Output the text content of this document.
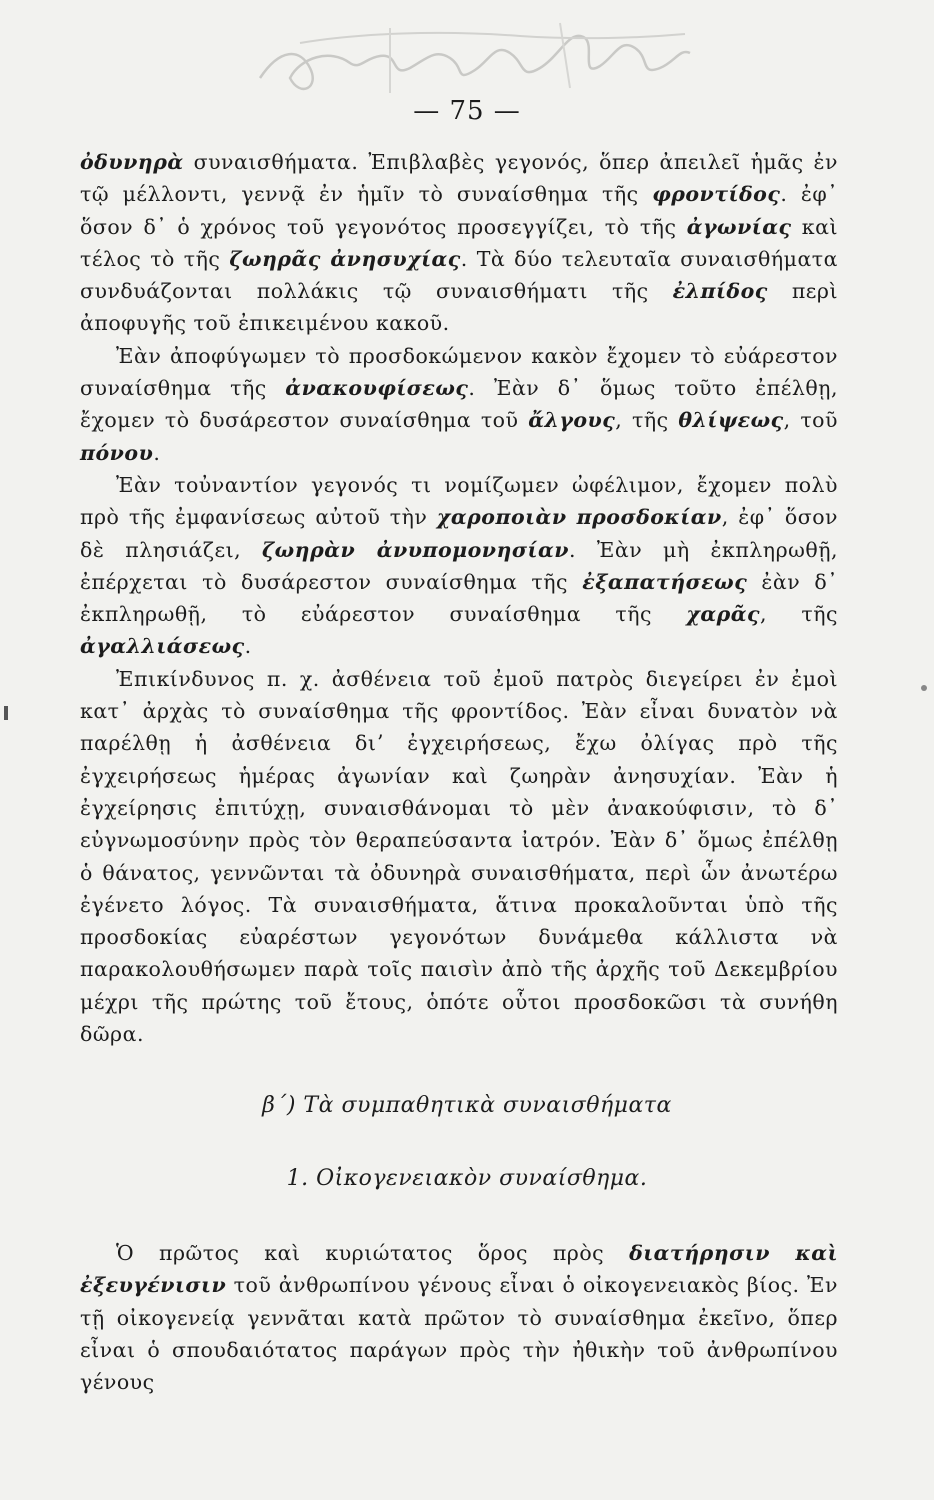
— 75 —

ὀδυνηρὰ συναισθήματα. Ἐπιβλαβὲς γεγονός, ὅπερ ἀπειλεῖ ἡμᾶς ἐν τῷ μέλλοντι, γεννᾷ ἐν ἡμῖν τὸ συναίσθημα τῆς φροντίδος. ἐφ᾽ ὅσον δ᾽ ὁ χρόνος τοῦ γεγονότος προσεγγίζει, τὸ τῆς ἀγωνίας καὶ τέλος τὸ τῆς ζωηρᾶς ἀνησυχίας. Τὰ δύο τελευταῖα συναισθήματα συνδυάζονται πολλάκις τῷ συναισθήματι τῆς ἐλπίδος περὶ ἀποφυγῆς τοῦ ἐπικειμένου κακοῦ.

Ἐὰν ἀποφύγωμεν τὸ προσδοκώμενον κακὸν ἔχομεν τὸ εὐάρεστον συναίσθημα τῆς ἀνακουφίσεως. Ἐὰν δ᾽ ὅμως τοῦτο ἐπέλθῃ, ἔχομεν τὸ δυσάρεστον συναίσθημα τοῦ ἄλγους, τῆς θλίψεως, τοῦ πόνου.

Ἐὰν τοὐναντίον γεγονός τι νομίζωμεν ὠφέλιμον, ἔχομεν πολὺ πρὸ τῆς ἐμφανίσεως αὐτοῦ τὴν χαροποιὰν προσδοκίαν, ἐφ᾽ ὅσον δὲ πλησιάζει, ζωηρὰν ἀνυπομονησίαν. Ἐὰν μὴ ἐκπληρωθῇ, ἐπέρχεται τὸ δυσάρεστον συναίσθημα τῆς ἐξαπατήσεως ἐὰν δ᾽ ἐκπληρωθῇ, τὸ εὐάρεστον συναίσθημα τῆς χαρᾶς, τῆς ἀγαλλιάσεως.

Ἐπικίνδυνος π. χ. ἀσθένεια τοῦ ἐμοῦ πατρὸς διεγείρει ἐν ἐμοὶ κατ᾽ ἀρχὰς τὸ συναίσθημα τῆς φροντίδος. Ἐὰν εἶναι δυνατὸν νὰ παρέλθῃ ἡ ἀσθένεια διʼ ἐγχειρήσεως, ἔχω ὀλίγας πρὸ τῆς ἐγχειρήσεως ἡμέρας ἀγωνίαν καὶ ζωηρὰν ἀνησυχίαν. Ἐὰν ἡ ἐγχείρησις ἐπιτύχῃ, συναισθάνομαι τὸ μὲν ἀνακούφισιν, τὸ δ᾽ εὐγνωμοσύνην πρὸς τὸν θεραπεύσαντα ἰατρόν. Ἐὰν δ᾽ ὅμως ἐπέλθῃ ὁ θάνατος, γεννῶνται τὰ ὀδυνηρὰ συναισθήματα, περὶ ὧν ἀνωτέρω ἐγένετο λόγος. Τὰ συναισθήματα, ἅτινα προκαλοῦνται ὑπὸ τῆς προσδοκίας εὐαρέστων γεγονότων δυνάμεθα κάλλιστα νὰ παρακολουθήσωμεν παρὰ τοῖς παισὶν ἀπὸ τῆς ἀρχῆς τοῦ Δεκεμβρίου μέχρι τῆς πρώτης τοῦ ἔτους, ὁπότε οὗτοι προσδοκῶσι τὰ συνήθη δῶρα.

β΄) Τὰ συμπαθητικὰ συναισθήματα
1. Οἰκογενειακὸν συναίσθημα.

Ὁ πρῶτος καὶ κυριώτατος ὅρος πρὸς διατήρησιν καὶ ἐξευγένισιν τοῦ ἀνθρωπίνου γένους εἶναι ὁ οἰκογενειακὸς βίος. Ἐν τῇ οἰκογενείᾳ γεννᾶται κατὰ πρῶτον τὸ συναίσθημα ἐκεῖνο, ὅπερ εἶναι ὁ σπουδαιότατος παράγων πρὸς τὴν ἠθικὴν τοῦ ἀνθρωπίνου γένους
